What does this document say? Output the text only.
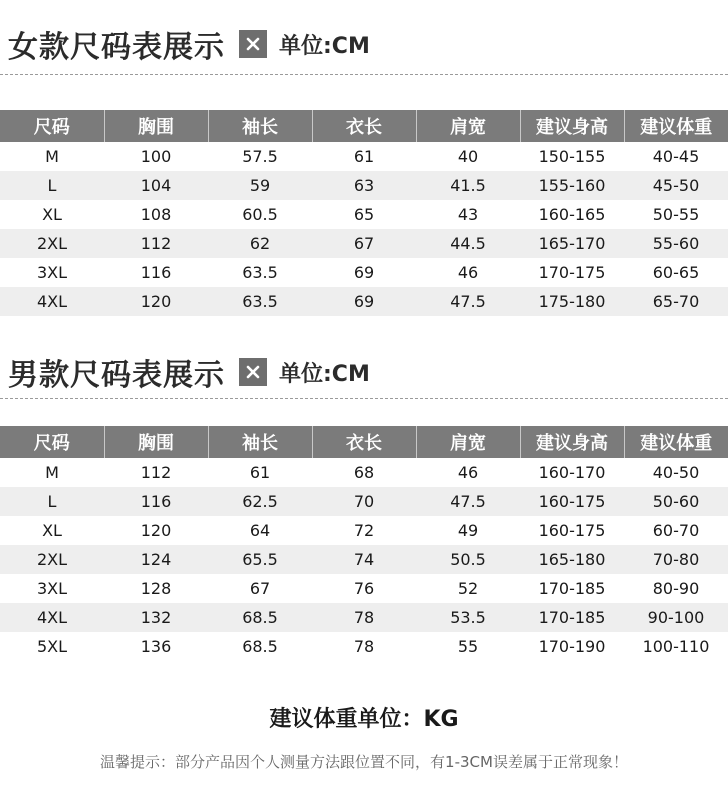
女款尺码表展示 单位:CM
尺码	胸围	袖长	衣长	肩宽	建议身高	建议体重
M	100	57.5	61	40	150-155	40-45
L	104	59	63	41.5	155-160	45-50
XL	108	60.5	65	43	160-165	50-55
2XL	112	62	67	44.5	165-170	55-60
3XL	116	63.5	69	46	170-175	60-65
4XL	120	63.5	69	47.5	175-180	65-70
男款尺码表展示 单位:CM
尺码	胸围	袖长	衣长	肩宽	建议身高	建议体重
M	112	61	68	46	160-170	40-50
L	116	62.5	70	47.5	160-175	50-60
XL	120	64	72	49	160-175	60-70
2XL	124	65.5	74	50.5	165-180	70-80
3XL	128	67	76	52	170-185	80-90
4XL	132	68.5	78	53.5	170-185	90-100
5XL	136	68.5	78	55	170-190	100-110
建议体重单位：KG
温馨提示：部分产品因个人测量方法跟位置不同，有1-3CM误差属于正常现象！
